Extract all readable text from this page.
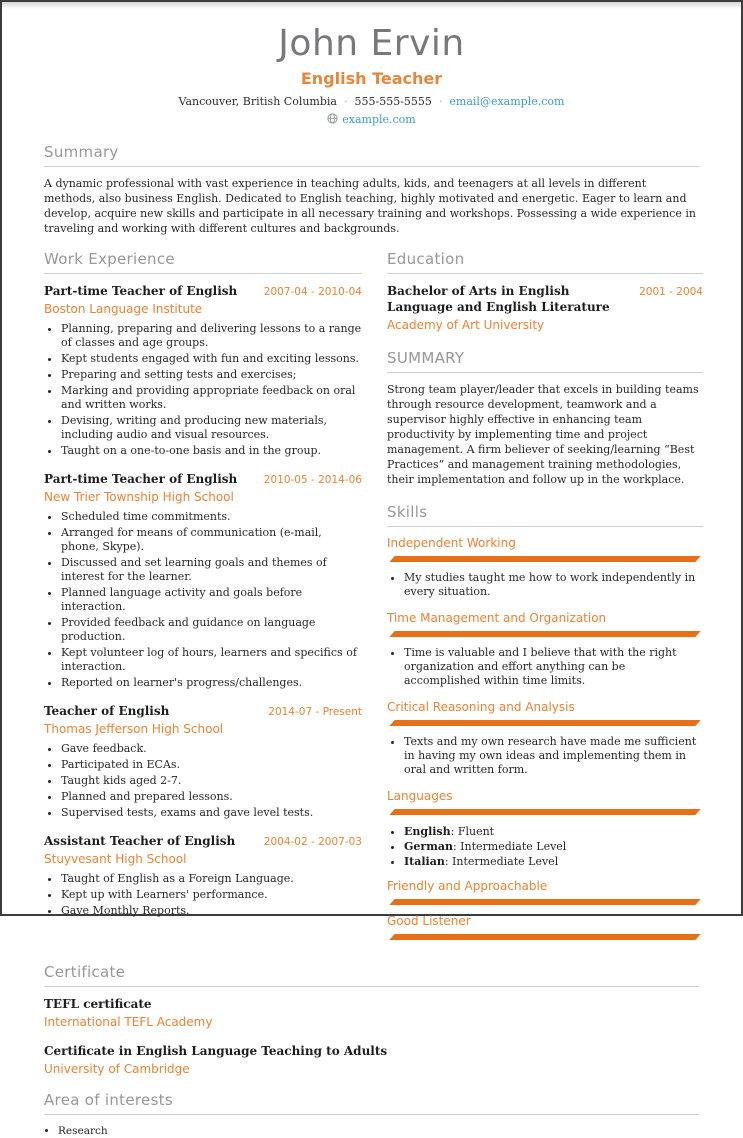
John Ervin
English Teacher
Vancouver, British Columbia · 555-555-5555 · email@example.com
example.com
Summary

A dynamic professional with vast experience in teaching adults, kids, and teenagers at all levels in different methods, also business English. Dedicated to English teaching, highly motivated and energetic. Eager to learn and develop, acquire new skills and participate in all necessary training and workshops. Possessing a wide experience in traveling and working with different cultures and backgrounds.

Work Experience
Part-time Teacher of English	2007-04 - 2010-04
Boston Language Institute
• Planning, preparing and delivering lessons to a range of classes and age groups.
• Kept students engaged with fun and exciting lessons.
• Preparing and setting tests and exercises;
• Marking and providing appropriate feedback on oral and written works.
• Devising, writing and producing new materials, including audio and visual resources.
• Taught on a one-to-one basis and in the group.
Part-time Teacher of English	2010-05 - 2014-06
New Trier Township High School
• Scheduled time commitments.
• Arranged for means of communication (e-mail, phone, Skype).
• Discussed and set learning goals and themes of interest for the learner.
• Planned language activity and goals before interaction.
• Provided feedback and guidance on language production.
• Kept volunteer log of hours, learners and specifics of interaction.
• Reported on learner's progress/challenges.
Teacher of English	2014-07 - Present
Thomas Jefferson High School
• Gave feedback.
• Participated in ECAs.
• Taught kids aged 2-7.
• Planned and prepared lessons.
• Supervised tests, exams and gave level tests.
Assistant Teacher of English	2004-02 - 2007-03
Stuyvesant High School
• Taught of English as a Foreign Language.
• Kept up with Learners' performance.
• Gave Monthly Reports.
Education
Bachelor of Arts in English Language and English Literature
2001 - 2004
Academy of Art University
SUMMARY

Strong team player/leader that excels in building teams through resource development, teamwork and a supervisor highly effective in enhancing team productivity by implementing time and project management. A firm believer of seeking/learning “Best Practices” and management training methodologies, their implementation and follow up in the workplace.

Skills
Independent Working
• My studies taught me how to work independently in every situation.
Time Management and Organization
• Time is valuable and I believe that with the right organization and effort anything can be accomplished within time limits.
Critical Reasoning and Analysis
• Texts and my own research have made me sufficient in having my own ideas and implementing them in oral and written form.
Languages
• English: Fluent
• German: Intermediate Level
• Italian: Intermediate Level
Friendly and Approachable
Good Listener
Certificate
TEFL certificate
International TEFL Academy
Certificate in English Language Teaching to Adults
University of Cambridge
Area of interests
• Research
